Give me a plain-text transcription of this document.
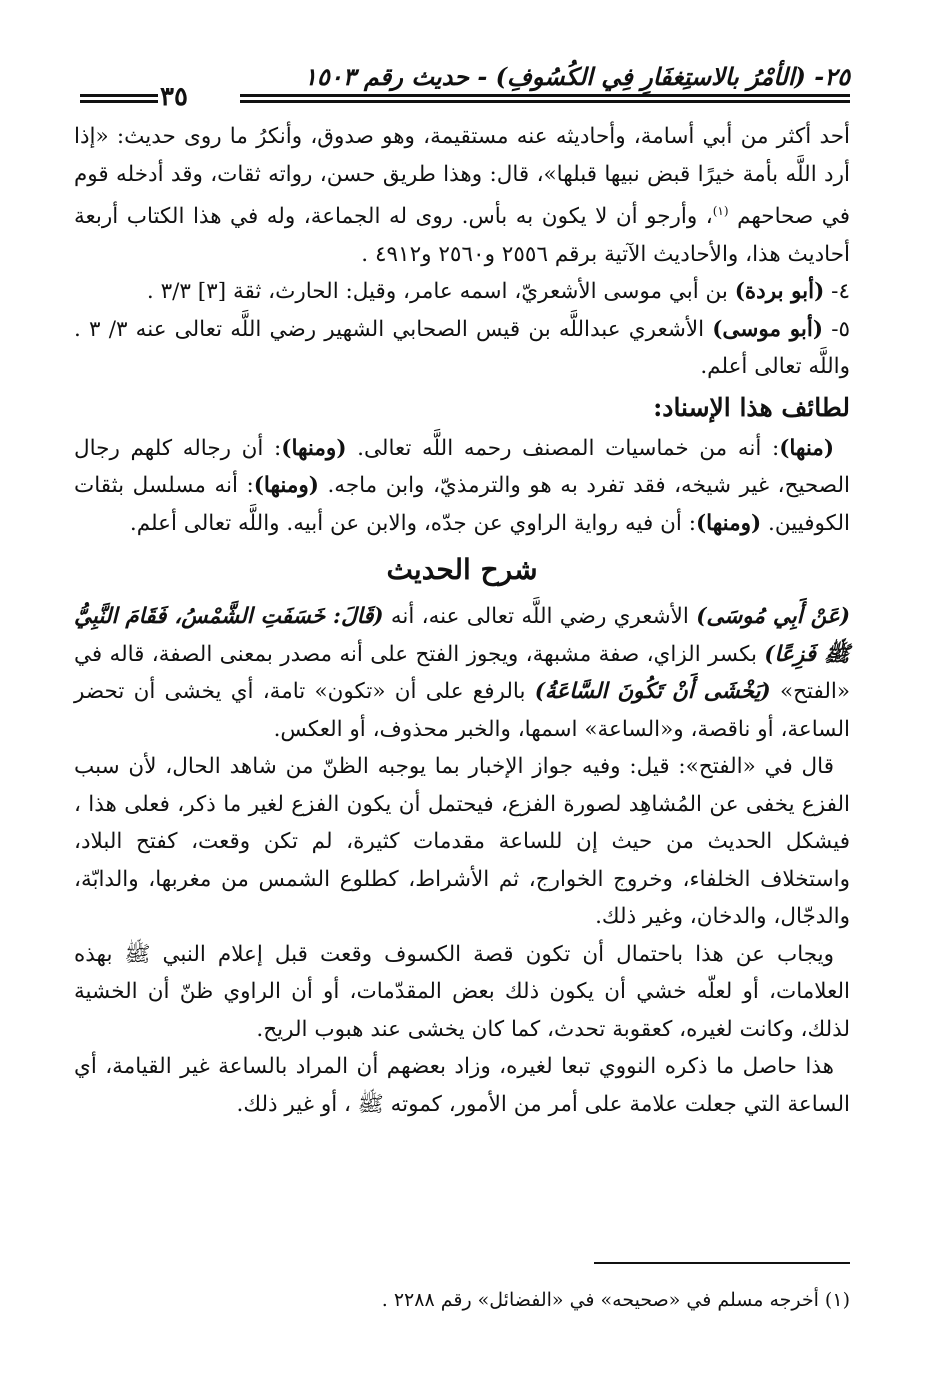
٢٥- (الأمْرُ بالاستِغفَارِ فِي الكُسُوفِ) - حديث رقم ١٥٠٣
٣٥

أحد أكثر من أبي أسامة، وأحاديثه عنه مستقيمة، وهو صدوق، وأنكرُ ما روى حديث: «إذا أرد اللَّه بأمة خيرًا قبض نبيها قبلها»، قال: وهذا طريق حسن، رواته ثقات، وقد أدخله قوم في صحاحهم $^{(١)}$، وأرجو أن لا يكون به بأس. روى له الجماعة، وله في هذا الكتاب أربعة أحاديث هذا، والأحاديث الآتية برقم ٢٥٥٦ و٢٥٦٠ و٤٩١٢ .

٤- (أبو بردة) بن أبي موسى الأشعريّ، اسمه عامر، وقيل: الحارث، ثقة [٣] ٣/٣ .

٥- (أبو موسى) الأشعري عبداللَّه بن قيس الصحابي الشهير رضي اللَّه تعالى عنه ٣/ ٣ . واللَّه تعالى أعلم.

لطائف هذا الإسناد:

(منها): أنه من خماسيات المصنف رحمه اللَّه تعالى. (ومنها): أن رجاله كلهم رجال الصحيح، غير شيخه، فقد تفرد به هو والترمذيّ، وابن ماجه. (ومنها): أنه مسلسل بثقات الكوفيين. (ومنها): أن فيه رواية الراوي عن جدّه، والابن عن أبيه. واللَّه تعالى أعلم.

شرح الحديث

(عَنْ أَبِي مُوسَى) الأشعري رضي اللَّه تعالى عنه، أنه (قَالَ: خَسَفَتِ الشَّمْسُ، فَقَامَ النَّبِيُّ ﷺ فَزِعًا) بكسر الزاي، صفة مشبهة، ويجوز الفتح على أنه مصدر بمعنى الصفة، قاله في «الفتح» (يَخْشَى أَنْ تَكُونَ السَّاعَةُ) بالرفع على أن «تكون» تامة، أي يخشى أن تحضر الساعة، أو ناقصة، و«الساعة» اسمها، والخبر محذوف، أو العكس.

قال في «الفتح»: قيل: وفيه جواز الإخبار بما يوجبه الظنّ من شاهد الحال، لأن سبب الفزع يخفى عن المُشاهِد لصورة الفزع، فيحتمل أن يكون الفزع لغير ما ذكر، فعلى هذا ، فيشكل الحديث من حيث إن للساعة مقدمات كثيرة، لم تكن وقعت، كفتح البلاد، واستخلاف الخلفاء، وخروج الخوارج، ثم الأشراط، كطلوع الشمس من مغربها، والدابّة، والدجّال، والدخان، وغير ذلك.

ويجاب عن هذا باحتمال أن تكون قصة الكسوف وقعت قبل إعلام النبي ﷺ بهذه العلامات، أو لعلّه خشي أن يكون ذلك بعض المقدّمات، أو أن الراوي ظنّ أن الخشية لذلك، وكانت لغيره، كعقوبة تحدث، كما كان يخشى عند هبوب الريح.

هذا حاصل ما ذكره النووي تبعا لغيره، وزاد بعضهم أن المراد بالساعة غير القيامة، أي الساعة التي جعلت علامة على أمر من الأمور، كموته ﷺ ، أو غير ذلك.

(١) أخرجه مسلم في «صحيحه» في «الفضائل» رقم ٢٢٨٨ .
